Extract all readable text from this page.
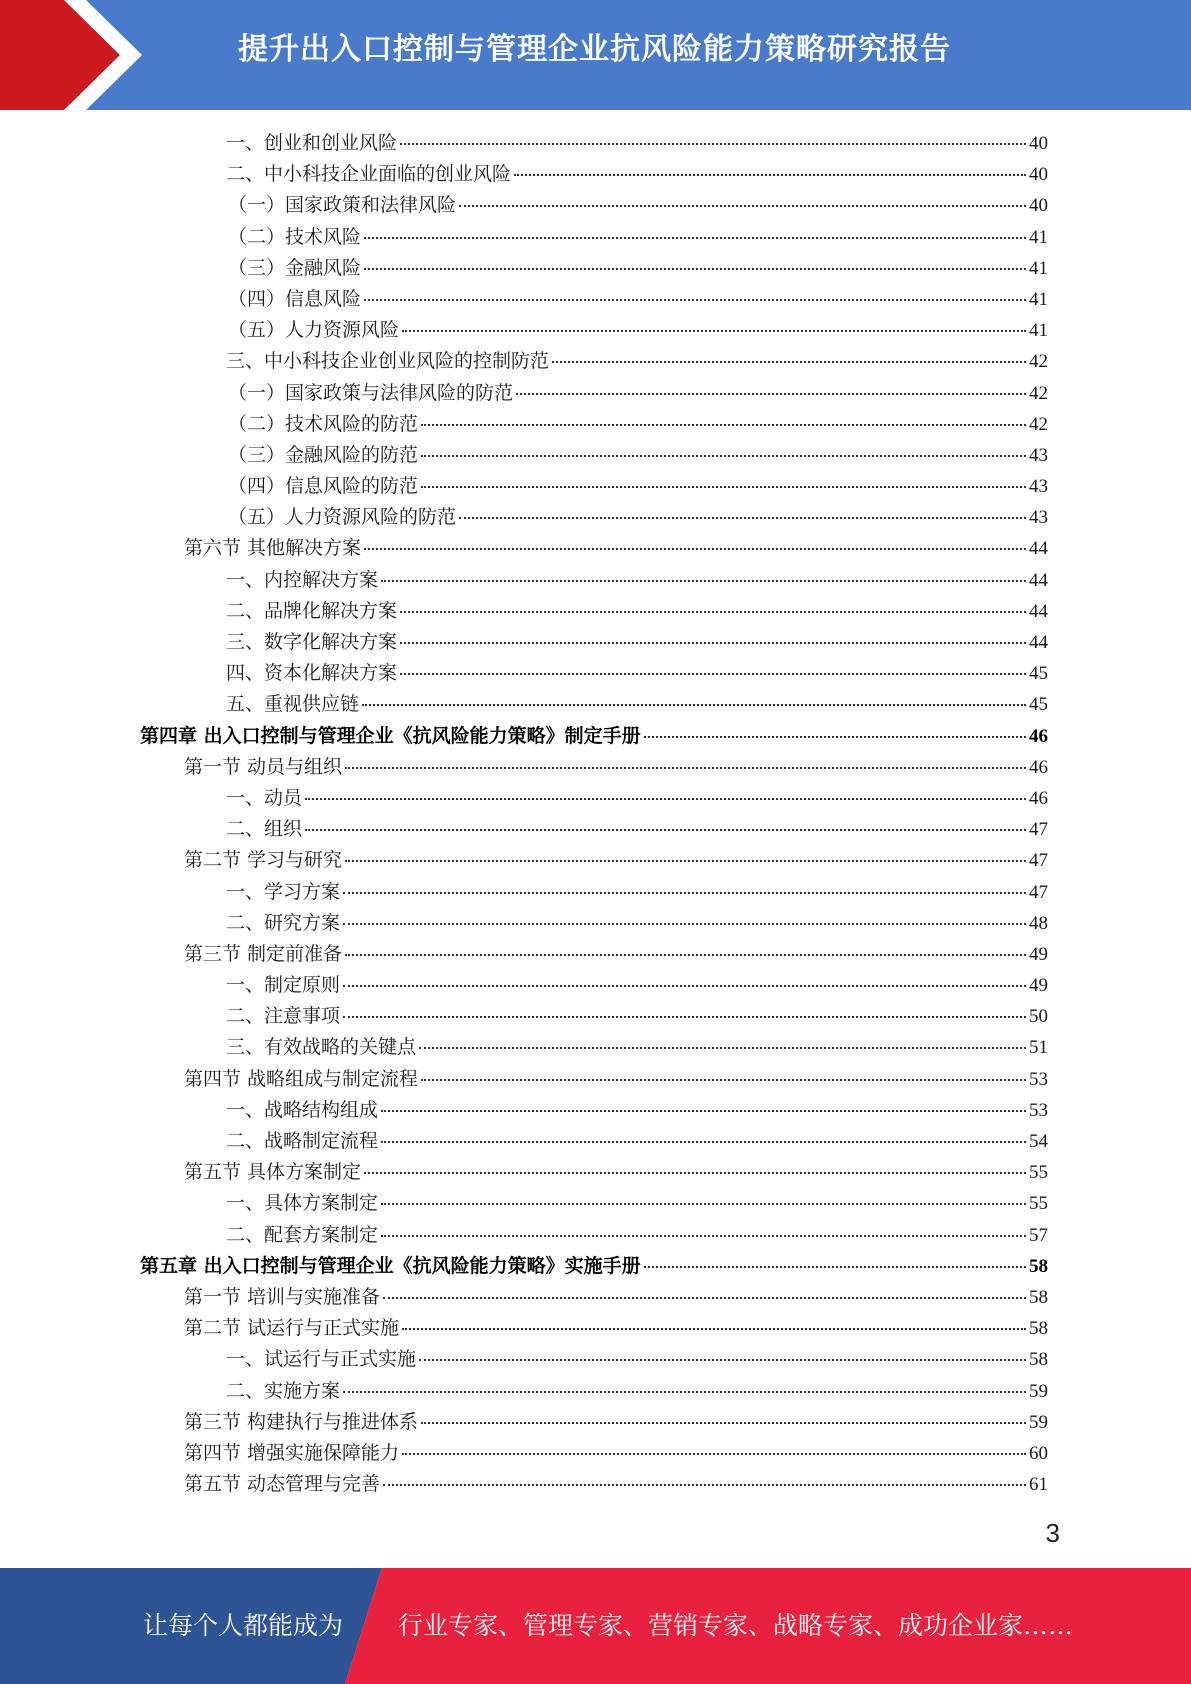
提升出入口控制与管理企业抗风险能力策略研究报告
一、创业和创业风险	40
二、中小科技企业面临的创业风险	40
（一）国家政策和法律风险	40
（二）技术风险	41
（三）金融风险	41
（四）信息风险	41
（五）人力资源风险	41
三、中小科技企业创业风险的控制防范	42
（一）国家政策与法律风险的防范	42
（二）技术风险的防范	42
（三）金融风险的防范	43
（四）信息风险的防范	43
（五）人力资源风险的防范	43
第六节 其他解决方案	44
一、内控解决方案	44
二、品牌化解决方案	44
三、数字化解决方案	44
四、资本化解决方案	45
五、重视供应链	45
第四章 出入口控制与管理企业《抗风险能力策略》制定手册	46
第一节 动员与组织	46
一、动员	46
二、组织	47
第二节 学习与研究	47
一、学习方案	47
二、研究方案	48
第三节 制定前准备	49
一、制定原则	49
二、注意事项	50
三、有效战略的关键点	51
第四节 战略组成与制定流程	53
一、战略结构组成	53
二、战略制定流程	54
第五节 具体方案制定	55
一、具体方案制定	55
二、配套方案制定	57
第五章 出入口控制与管理企业《抗风险能力策略》实施手册	58
第一节 培训与实施准备	58
第二节 试运行与正式实施	58
一、试运行与正式实施	58
二、实施方案	59
第三节 构建执行与推进体系	59
第四节 增强实施保障能力	60
第五节 动态管理与完善	61
3
让每个人都能成为 行业专家、管理专家、营销专家、战略专家、成功企业家……
